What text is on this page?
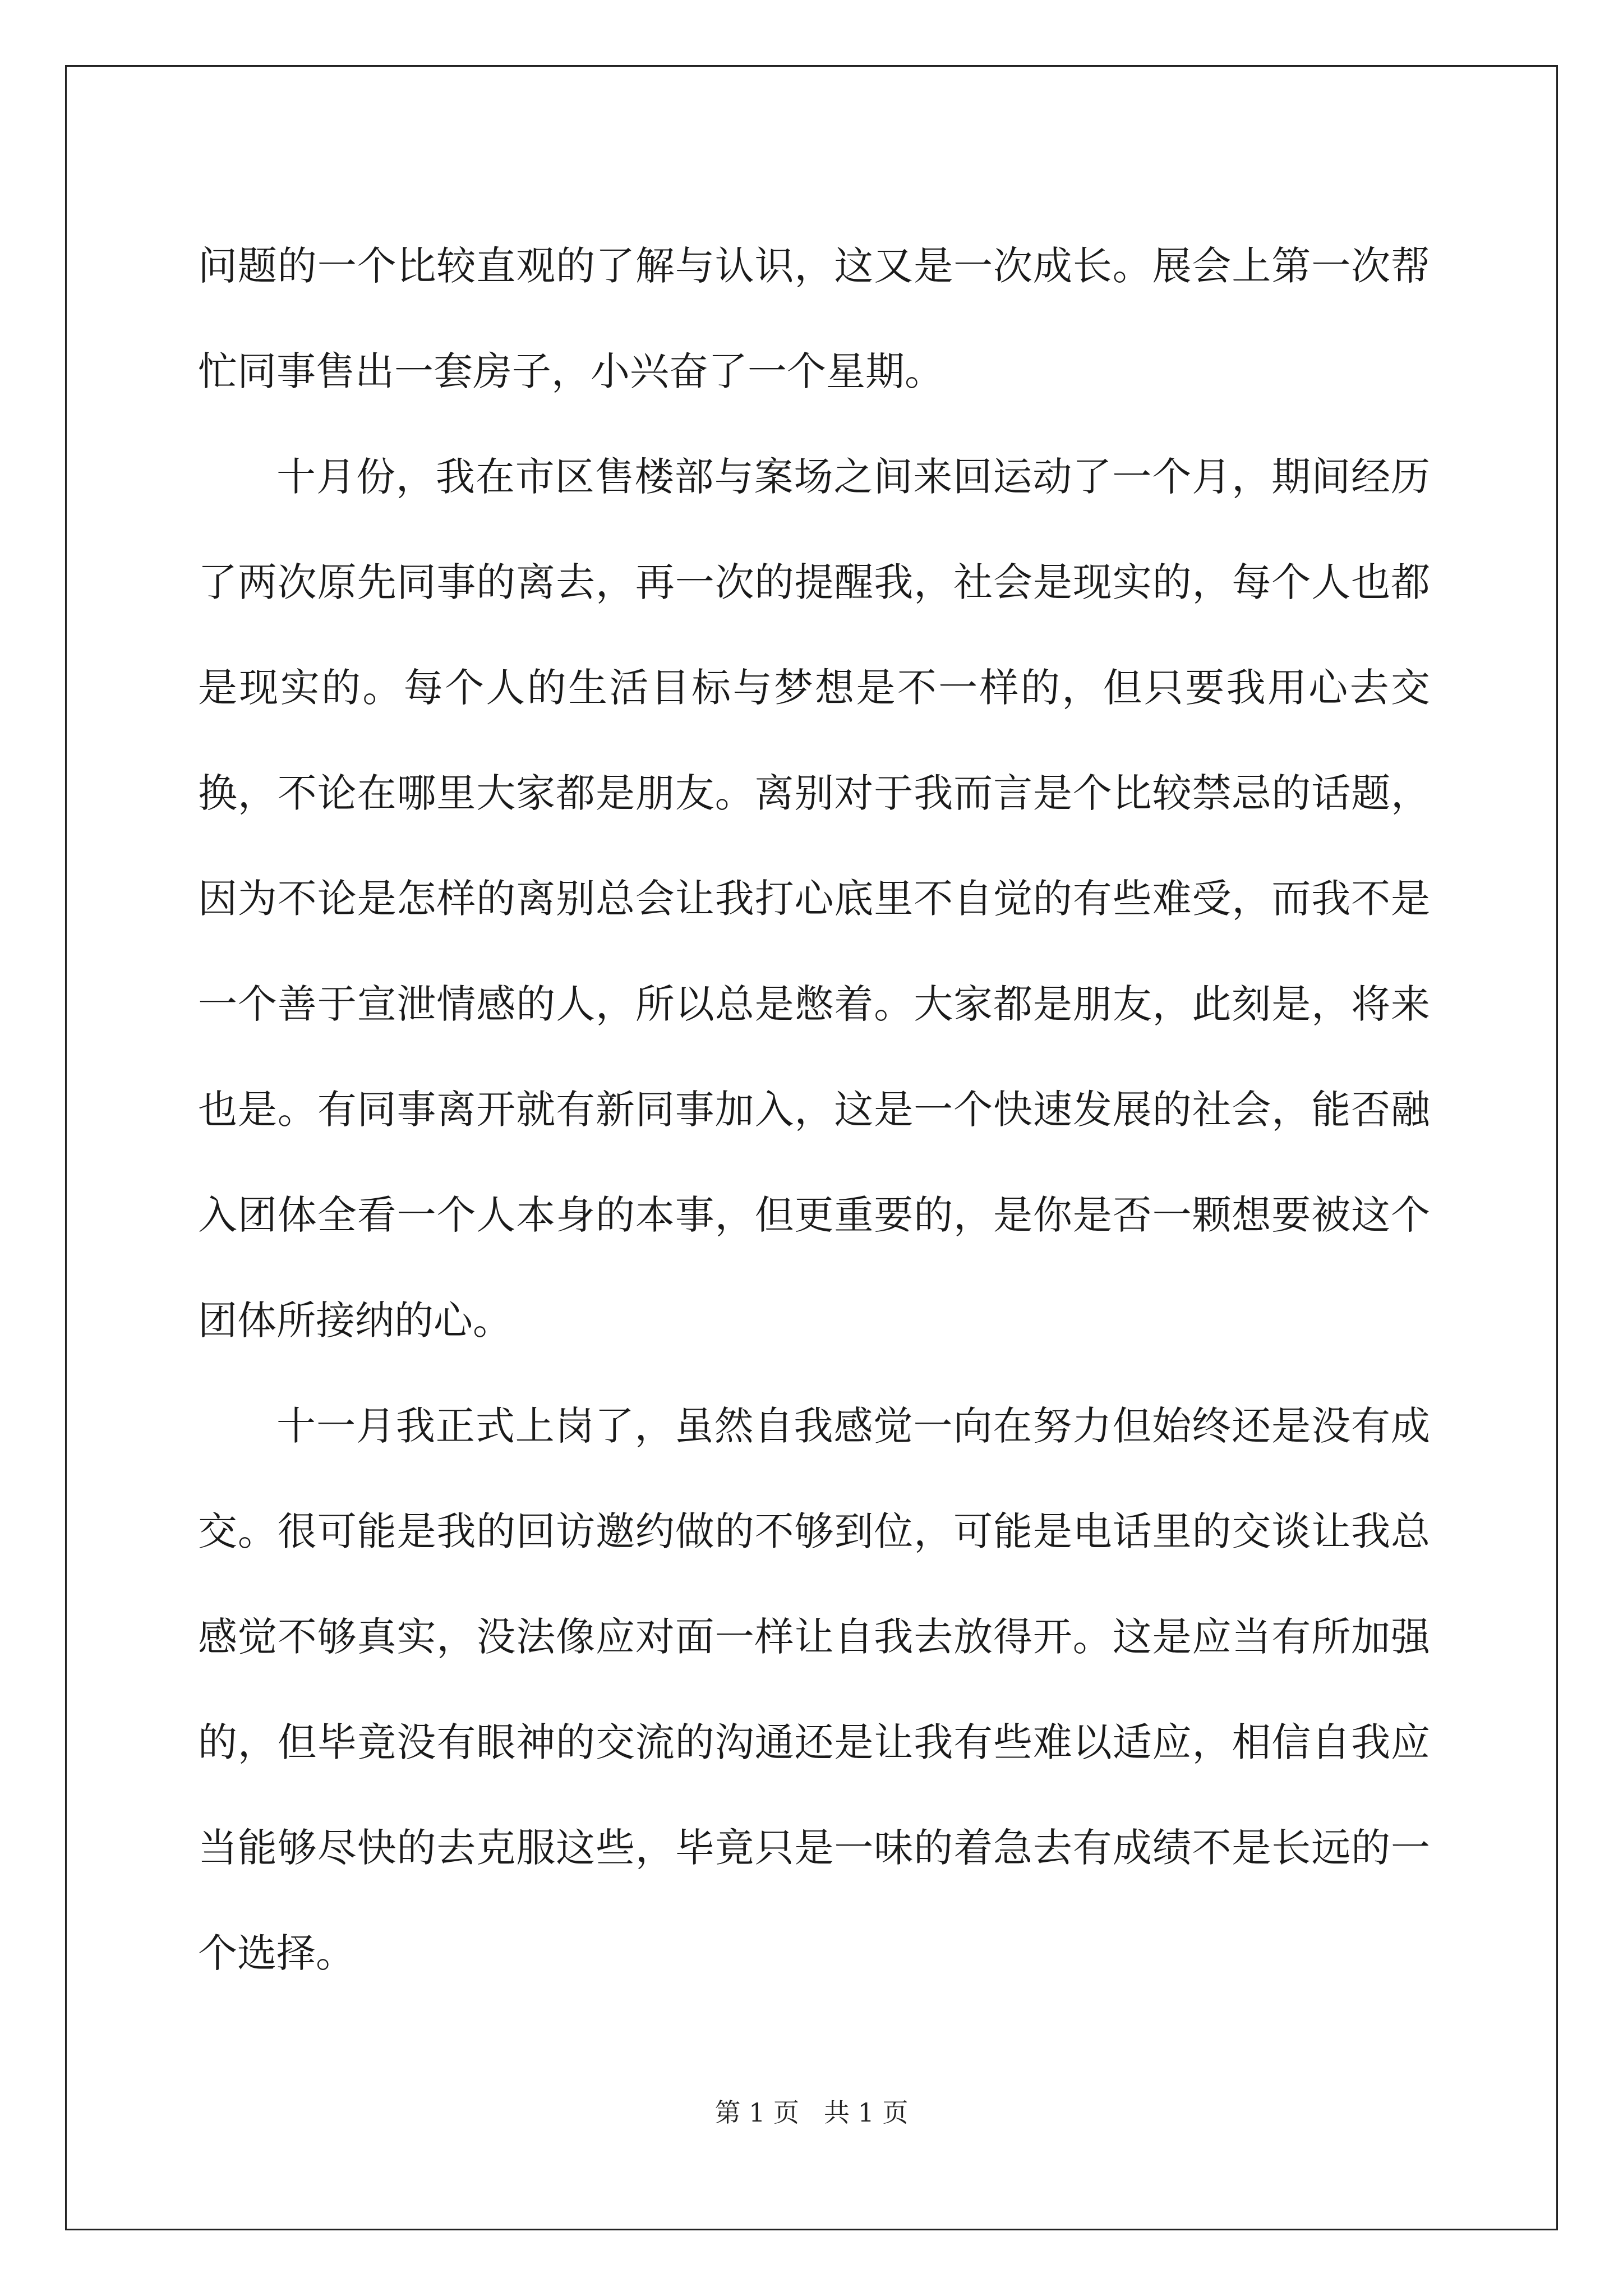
问题的一个比较直观的了解与认识，这又是一次成长。展会上第一次帮忙同事售出一套房子，小兴奋了一个星期。

十月份，我在市区售楼部与案场之间来回运动了一个月，期间经历了两次原先同事的离去，再一次的提醒我，社会是现实的，每个人也都是现实的。每个人的生活目标与梦想是不一样的，但只要我用心去交换，不论在哪里大家都是朋友。离别对于我而言是个比较禁忌的话题，因为不论是怎样的离别总会让我打心底里不自觉的有些难受，而我不是一个善于宣泄情感的人，所以总是憋着。大家都是朋友，此刻是，将来也是。有同事离开就有新同事加入，这是一个快速发展的社会，能否融入团体全看一个人本身的本事，但更重要的，是你是否一颗想要被这个团体所接纳的心。

十一月我正式上岗了，虽然自我感觉一向在努力但始终还是没有成交。很可能是我的回访邀约做的不够到位，可能是电话里的交谈让我总感觉不够真实，没法像应对面一样让自我去放得开。这是应当有所加强的，但毕竟没有眼神的交流的沟通还是让我有些难以适应，相信自我应当能够尽快的去克服这些，毕竟只是一味的着急去有成绩不是长远的一个选择。

第 1 页 共 1 页
